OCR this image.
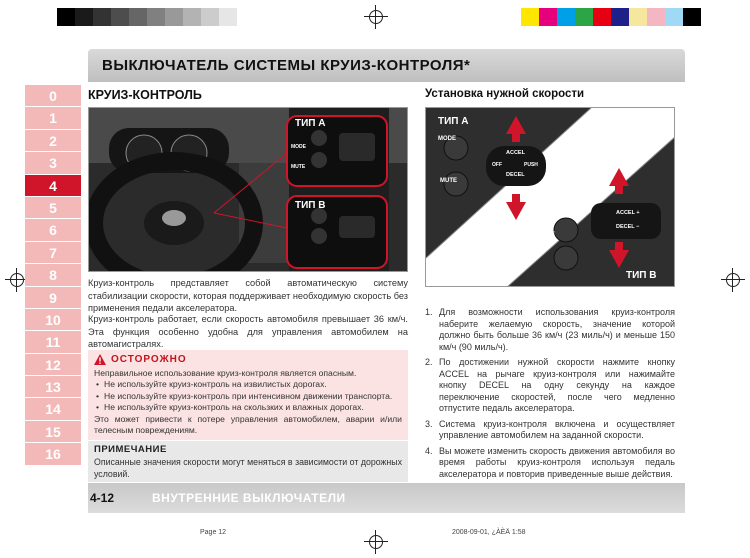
ВЫКЛЮЧАТЕЛЬ СИСТЕМЫ КРУИЗ-КОНТРОЛЯ*
0
1
2
3
4
5
6
7
8
9
10
11
12
13
14
15
16
КРУИЗ-КОНТРОЛЬ
ТИП А
ТИП В
MODE
MUTE
Круиз-контроль представляет собой автоматическую систему стабилизации скорости, которая поддерживает необходимую скорость без применения педали акселератора.
Круиз-контроль работает, если скорость автомобиля превышает 36 км/ч. Эта функция особенно удобна для управления автомобилем на автомагистралях.
ОСТОРОЖНО
Неправильное использование круиз-контроля является опасным.
• Не используйте круиз-контроль на извилистых дорогах.
• Не используйте круиз-контроль при интенсивном движении транспорта.
• Не используйте круиз-контроль на скользких и влажных дорогах.
Это может привести к потере управления автомобилем, аварии и/или телесным повреждениям.
ПРИМЕЧАНИЕ
Описанные значения скорости могут меняться в зависимости от дорожных условий.
Установка нужной скорости
ТИП А
ТИП В
MODE
MUTE
MUTE
ACCEL
OFF	PUSH
DECEL
ACCEL +
DECEL −
1. Для возможности использования круиз-контроля наберите желаемую скорость, значение которой должно быть больше 36 км/ч (23 миль/ч) и меньше 150 км/ч (90 миль/ч).
2. По достижении нужной скорости нажмите кнопку ACCEL на рычаге круиз-контроля или нажимайте кнопку DECEL на одну секунду на каждое переключение скоростей, после чего медленно отпустите педаль акселератора.
3. Система круиз-контроля включена и осуществляет управление автомобилем на заданной скорости.
4. Вы можете изменить скорость движения автомобиля во время работы круиз-контроля используя педаль акселератора и повторив приведенные выше действия.
4-12	ВНУТРЕННИЕ ВЫКЛЮЧАТЕЛИ
Page 12	2008-09-01, ¿ÀÈÄ 1:58
